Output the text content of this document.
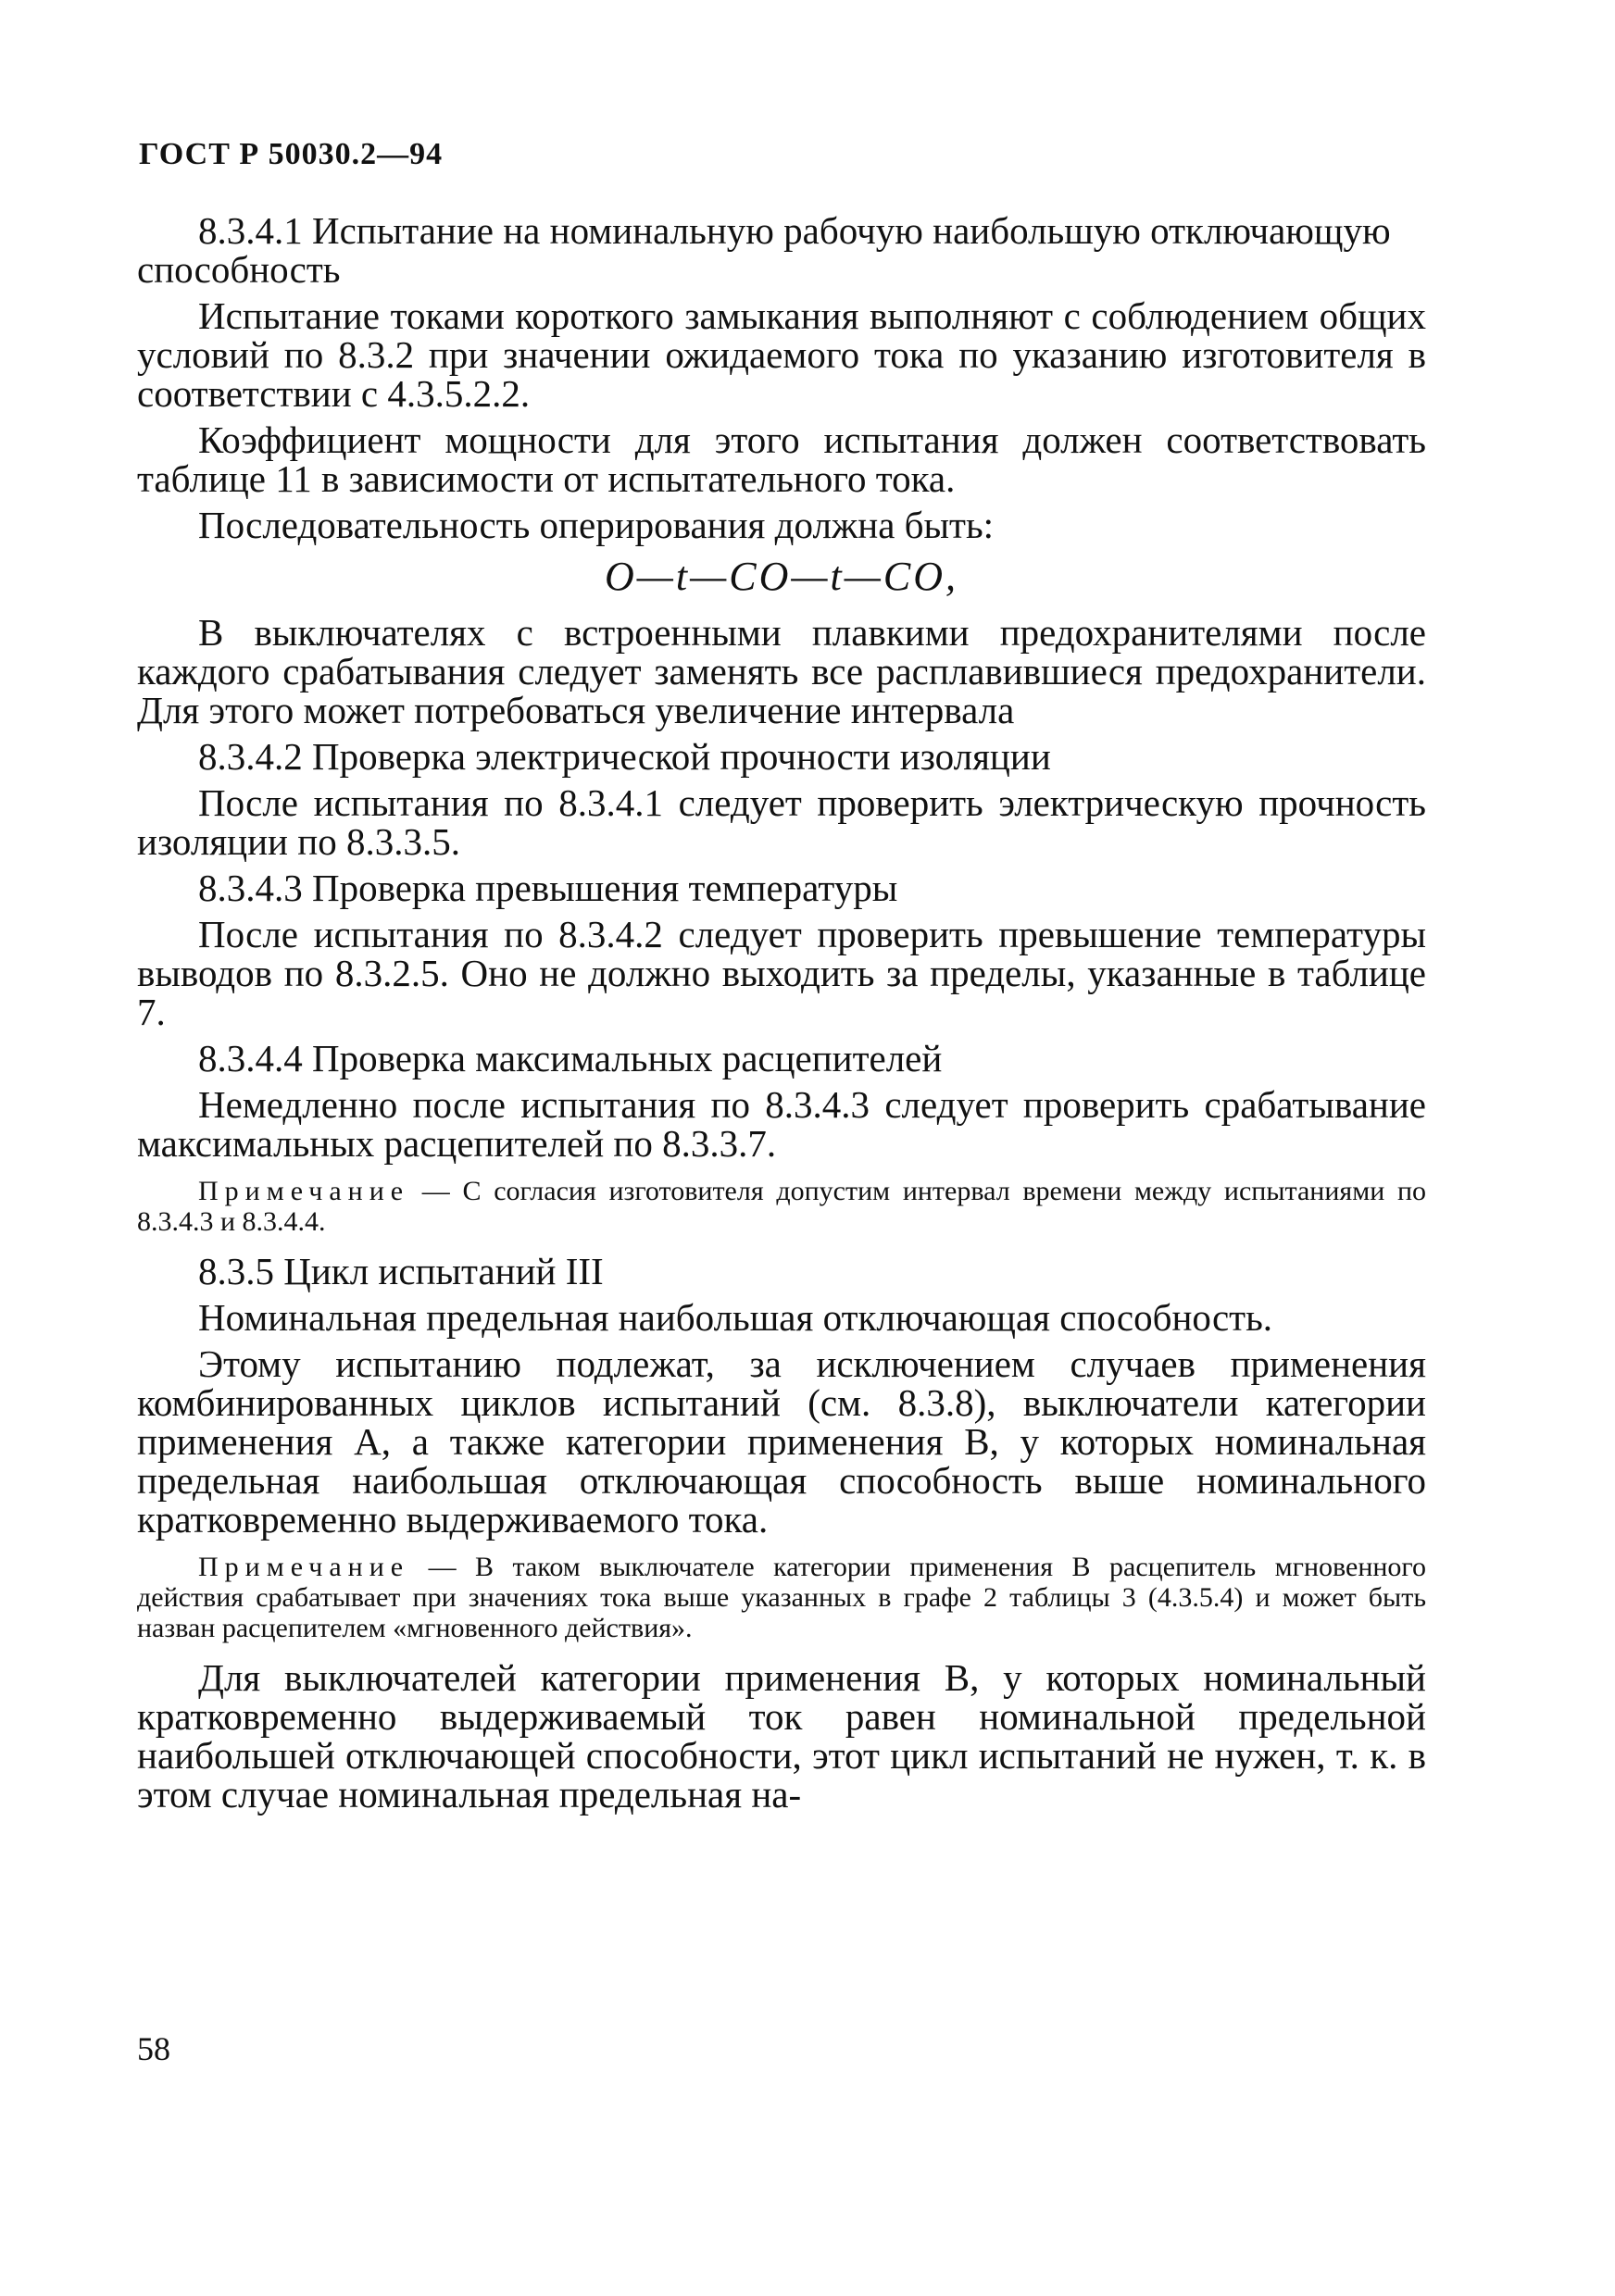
ГОСТ Р 50030.2—94

8.3.4.1 Испытание на номинальную рабочую наибольшую отключающую способность

Испытание токами короткого замыкания выполняют с соблюдением общих условий по 8.3.2 при значении ожидаемого тока по указанию изготовителя в соответствии с 4.3.5.2.2.

Коэффициент мощности для этого испытания должен соответствовать таблице 11 в зависимости от испытательного тока.

Последовательность оперирования должна быть:

O—t—CO—t—CO,

В выключателях с встроенными плавкими предохранителями после каждого срабатывания следует заменять все расплавившиеся предохранители. Для этого может потребоваться увеличение интервала

8.3.4.2 Проверка электрической прочности изоляции

После испытания по 8.3.4.1 следует проверить электрическую прочность изоляции по 8.3.3.5.

8.3.4.3 Проверка превышения температуры

После испытания по 8.3.4.2 следует проверить превышение температуры выводов по 8.3.2.5. Оно не должно выходить за пределы, указанные в таблице 7.

8.3.4.4 Проверка максимальных расцепителей

Немедленно после испытания по 8.3.4.3 следует проверить срабатывание максимальных расцепителей по 8.3.3.7.

Примечание — С согласия изготовителя допустим интервал времени между испытаниями по 8.3.4.3 и 8.3.4.4.

8.3.5 Цикл испытаний III

Номинальная предельная наибольшая отключающая способность.

Этому испытанию подлежат, за исключением случаев применения комбинированных циклов испытаний (см. 8.3.8), выключатели категории применения А, а также категории применения В, у которых номинальная предельная наибольшая отключающая способность выше номинального кратковременно выдерживаемого тока.

Примечание — В таком выключателе категории применения В расцепитель мгновенного действия срабатывает при значениях тока выше указанных в графе 2 таблицы 3 (4.3.5.4) и может быть назван расцепителем «мгновенного действия».

Для выключателей категории применения В, у которых номинальный кратковременно выдерживаемый ток равен номинальной предельной наибольшей отключающей способности, этот цикл испытаний не нужен, т. к. в этом случае номинальная предельная на-

58
